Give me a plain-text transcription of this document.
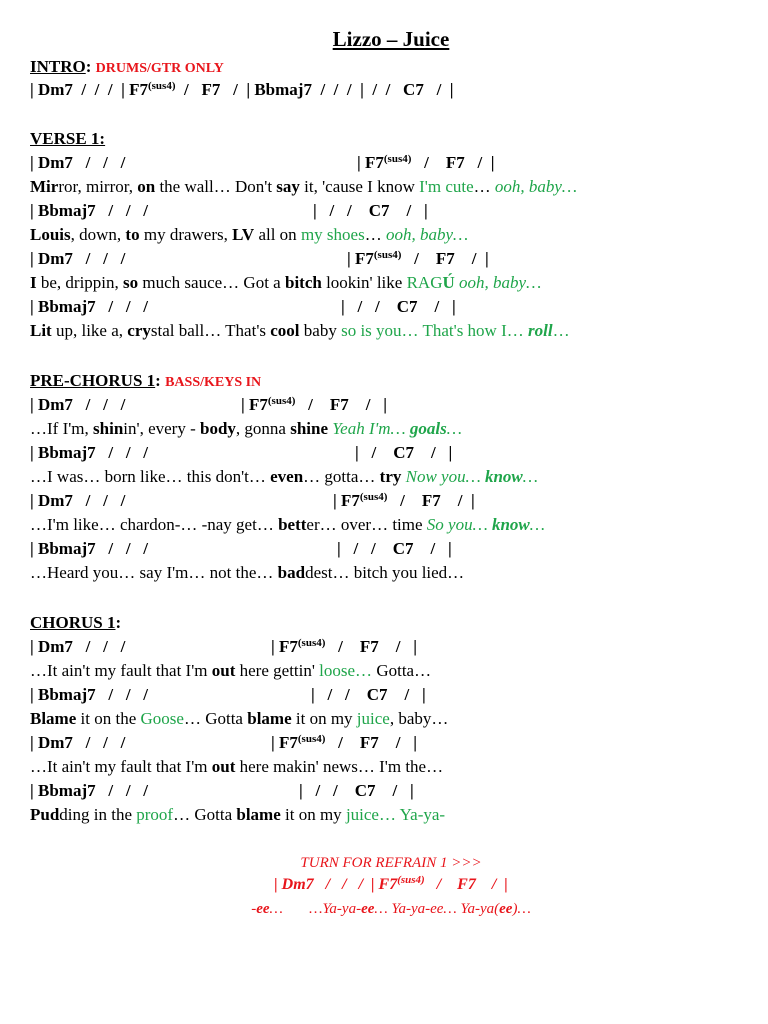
Lizzo – Juice
INTRO: DRUMS/GTR ONLY
| Dm7  /  /  /  | $F7^{(sus4)} / F7$   /  | Bbmaj7  /  /  /  |  /  /   C7   /  |
VERSE 1:
| Dm7   /   /   /	| $F7^{(sus4)}$   /    F7   /  |
Mirror, mirror, on the wall… Don't say it, 'cause I know I'm cute… ooh, baby…
| Bbmaj7   /   /   /	|   /   /    C7    /   |
Louis, down, to my drawers, LV all on my shoes… ooh, baby…
| Dm7   /   /   /	| $F7^{(sus4)}$   /    F7    /  |
I be, drippin, so much sauce… Got a bitch lookin' like RAGÚ ooh, baby…
| Bbmaj7   /   /   /	|   /   /    C7    /   |
Lit up, like a, crystal ball… That's cool baby so is you… That's how I… roll…
PRE-CHORUS 1: BASS/KEYS IN
| Dm7   /   /   /	| $F7^{(sus4)}$   /    F7    /   |
…If I'm, shinin', every - body, gonna shine Yeah I'm… goals…
| Bbmaj7   /   /   /	|   /    C7    /   |
…I was… born like… this don't… even… gotta… try Now you… know…
| Dm7   /   /   /	| $F7^{(sus4)}$   /    F7    /  |
…I'm like… chardon-… -nay get… better… over… time So you… know…
| Bbmaj7   /   /   /	|   /   /    C7    /   |
…Heard you… say I'm… not the… baddest… bitch you lied…
CHORUS 1:
| Dm7   /   /   /	| $F7^{(sus4)}$   /    F7    /   |
…It ain't my fault that I'm out here gettin' loose… Gotta…
| Bbmaj7   /   /   /	|   /   /    C7    /   |
Blame it on the Goose… Gotta blame it on my juice, baby…
| Dm7   /   /   /	| $F7^{(sus4)}$   /    F7    /   |
…It ain't my fault that I'm out here makin' news… I'm the…
| Bbmaj7   /   /   /	|   /   /    C7    /   |
Pudding in the proof… Gotta blame it on my juice… Ya-ya-
TURN FOR REFRAIN 1 >>>
| Dm7   /   /   /  | $F7^{(sus4)}$   /    F7    /  |
-ee…       …Ya-ya-ee… Ya-ya-ee… Ya-ya(ee)…
